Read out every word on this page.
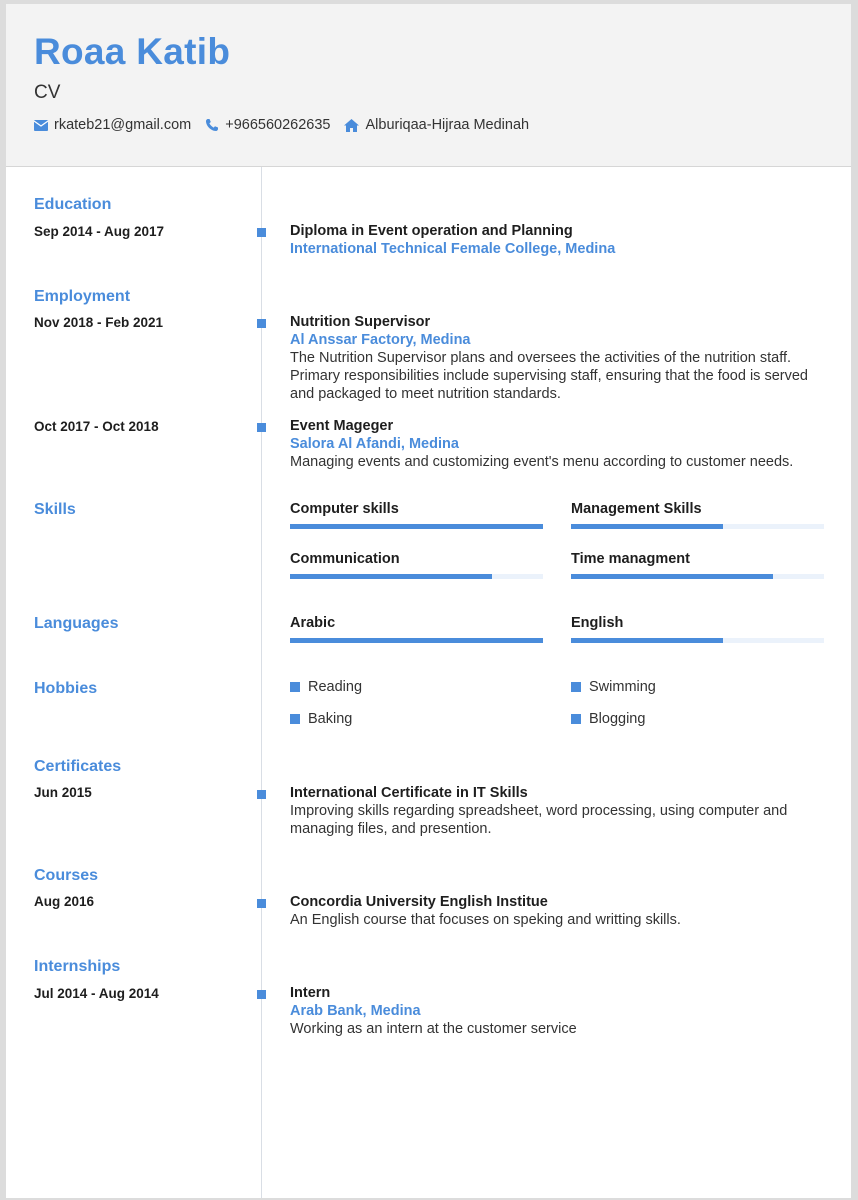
Roaa Katib
CV
rkateb21@gmail.com +966560262635 Alburiqaa-Hijraa Medinah
Education
Sep 2014 - Aug 2017	Diploma in Event operation and Planning
International Technical Female College, Medina
Employment
Nov 2018 - Feb 2021	Nutrition Supervisor
Al Anssar Factory, Medina
The Nutrition Supervisor plans and oversees the activities of the nutrition staff. Primary responsibilities include supervising staff, ensuring that the food is served and packaged to meet nutrition standards.
Oct 2017 - Oct 2018	Event Mageger
Salora Al Afandi, Medina
Managing events and customizing event's menu according to customer needs.
Skills	Computer skills	Management Skills
Communication	Time managment
Languages	Arabic	English
Hobbies	Reading	Swimming
Baking	Blogging
Certificates
Jun 2015	International Certificate in IT Skills
Improving skills regarding spreadsheet, word processing, using computer and managing files, and presention.
Courses
Aug 2016	Concordia University English Institue
An English course that focuses on speking and writting skills.
Internships
Jul 2014 - Aug 2014	Intern
Arab Bank, Medina
Working as an intern at the customer service
